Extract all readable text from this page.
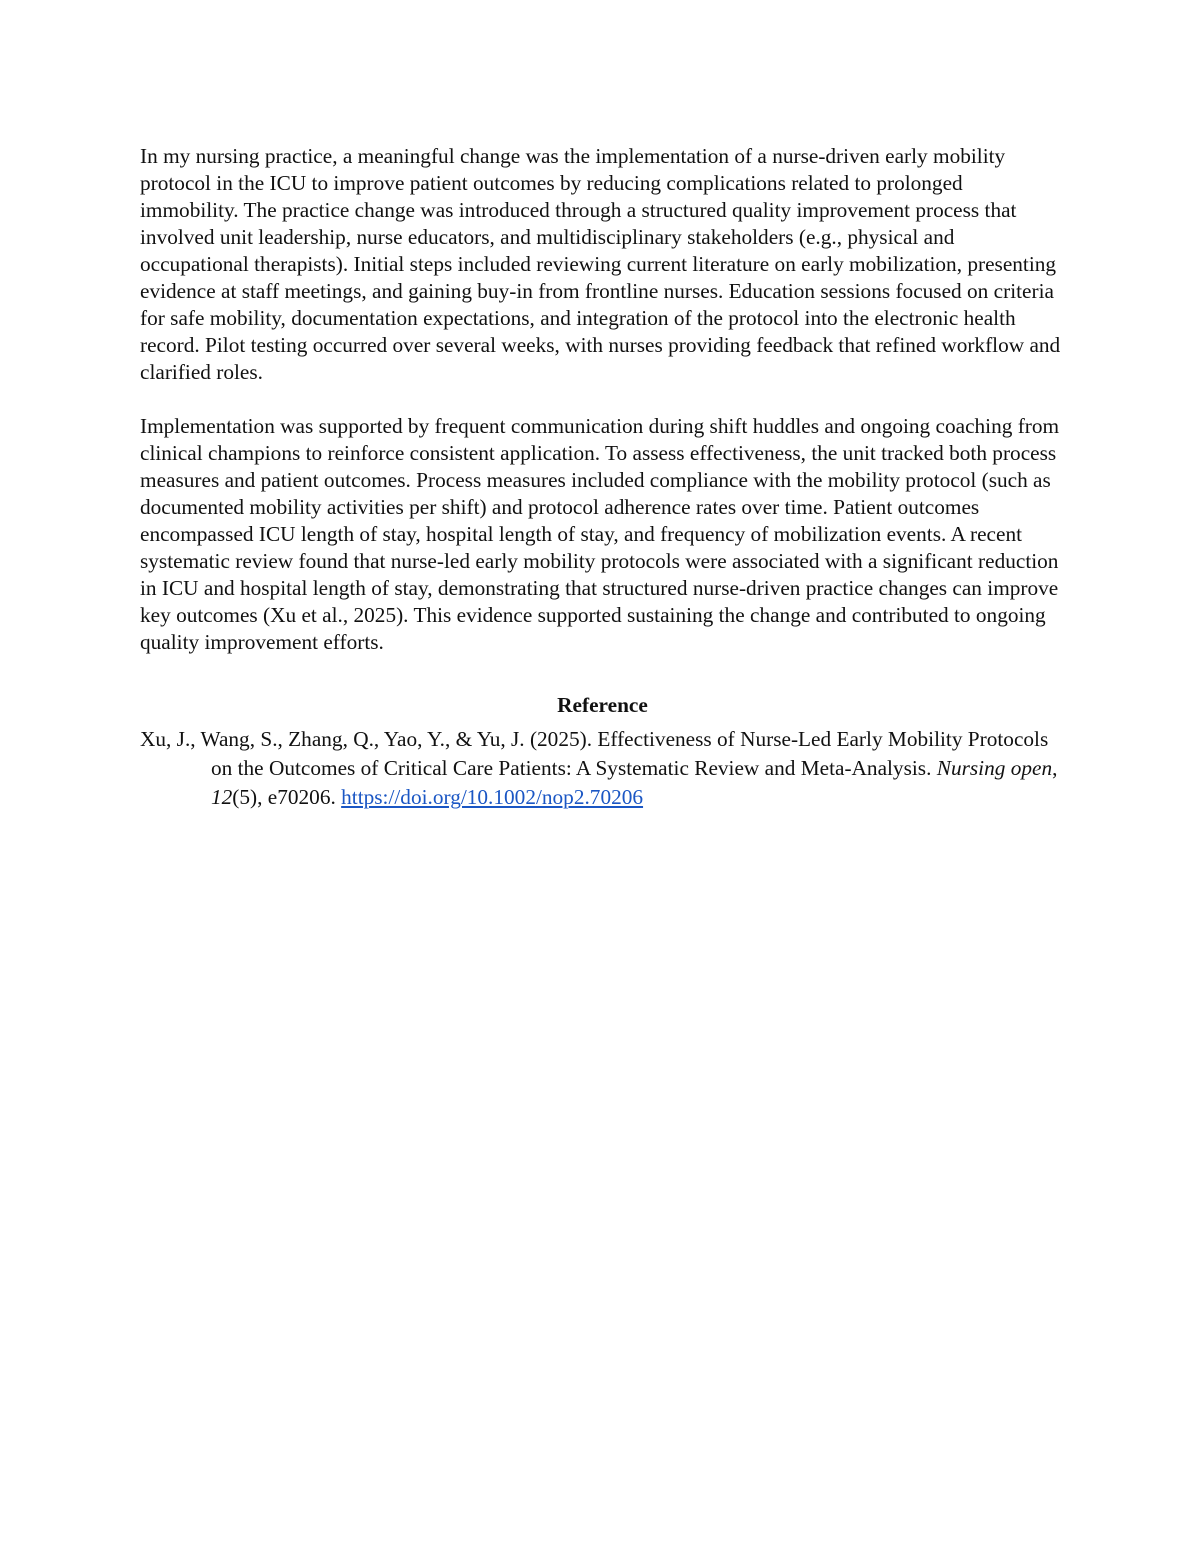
In my nursing practice, a meaningful change was the implementation of a nurse-driven early mobility protocol in the ICU to improve patient outcomes by reducing complications related to prolonged immobility. The practice change was introduced through a structured quality improvement process that involved unit leadership, nurse educators, and multidisciplinary stakeholders (e.g., physical and occupational therapists). Initial steps included reviewing current literature on early mobilization, presenting evidence at staff meetings, and gaining buy-in from frontline nurses. Education sessions focused on criteria for safe mobility, documentation expectations, and integration of the protocol into the electronic health record. Pilot testing occurred over several weeks, with nurses providing feedback that refined workflow and clarified roles.

Implementation was supported by frequent communication during shift huddles and ongoing coaching from clinical champions to reinforce consistent application. To assess effectiveness, the unit tracked both process measures and patient outcomes. Process measures included compliance with the mobility protocol (such as documented mobility activities per shift) and protocol adherence rates over time. Patient outcomes encompassed ICU length of stay, hospital length of stay, and frequency of mobilization events. A recent systematic review found that nurse-led early mobility protocols were associated with a significant reduction in ICU and hospital length of stay, demonstrating that structured nurse-driven practice changes can improve key outcomes (Xu et al., 2025). This evidence supported sustaining the change and contributed to ongoing quality improvement efforts.

Reference

Xu, J., Wang, S., Zhang, Q., Yao, Y., & Yu, J. (2025). Effectiveness of Nurse-Led Early Mobility Protocols on the Outcomes of Critical Care Patients: A Systematic Review and Meta-Analysis. Nursing open, 12(5), e70206. https://doi.org/10.1002/nop2.70206
